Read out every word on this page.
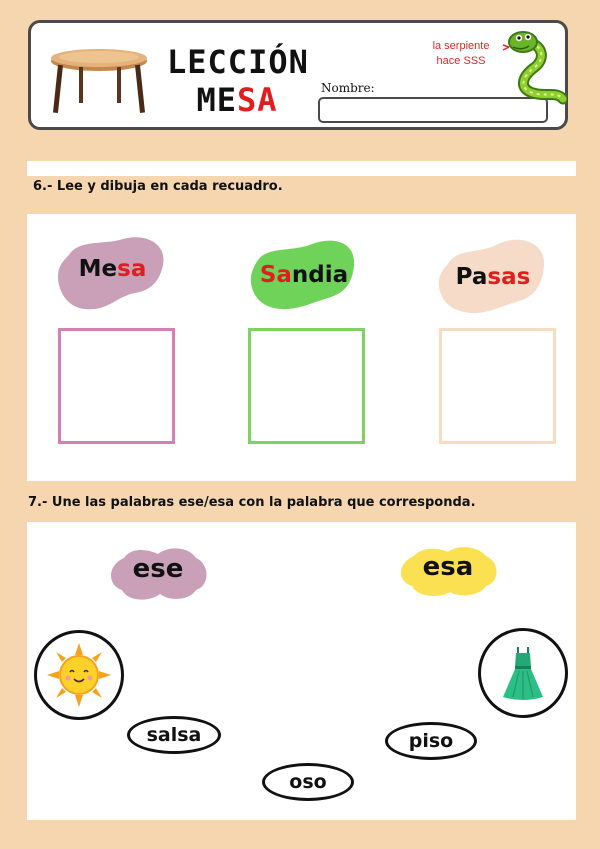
LECCIÓN
MESA	Nombre:
la serpiente
hace SSS
6.- Lee y dibuja en cada recuadro.
Mesa	Sandia	Pasas
7.- Une las palabras ese/esa con la palabra que corresponda.
ese	esa
salsa	piso
oso
